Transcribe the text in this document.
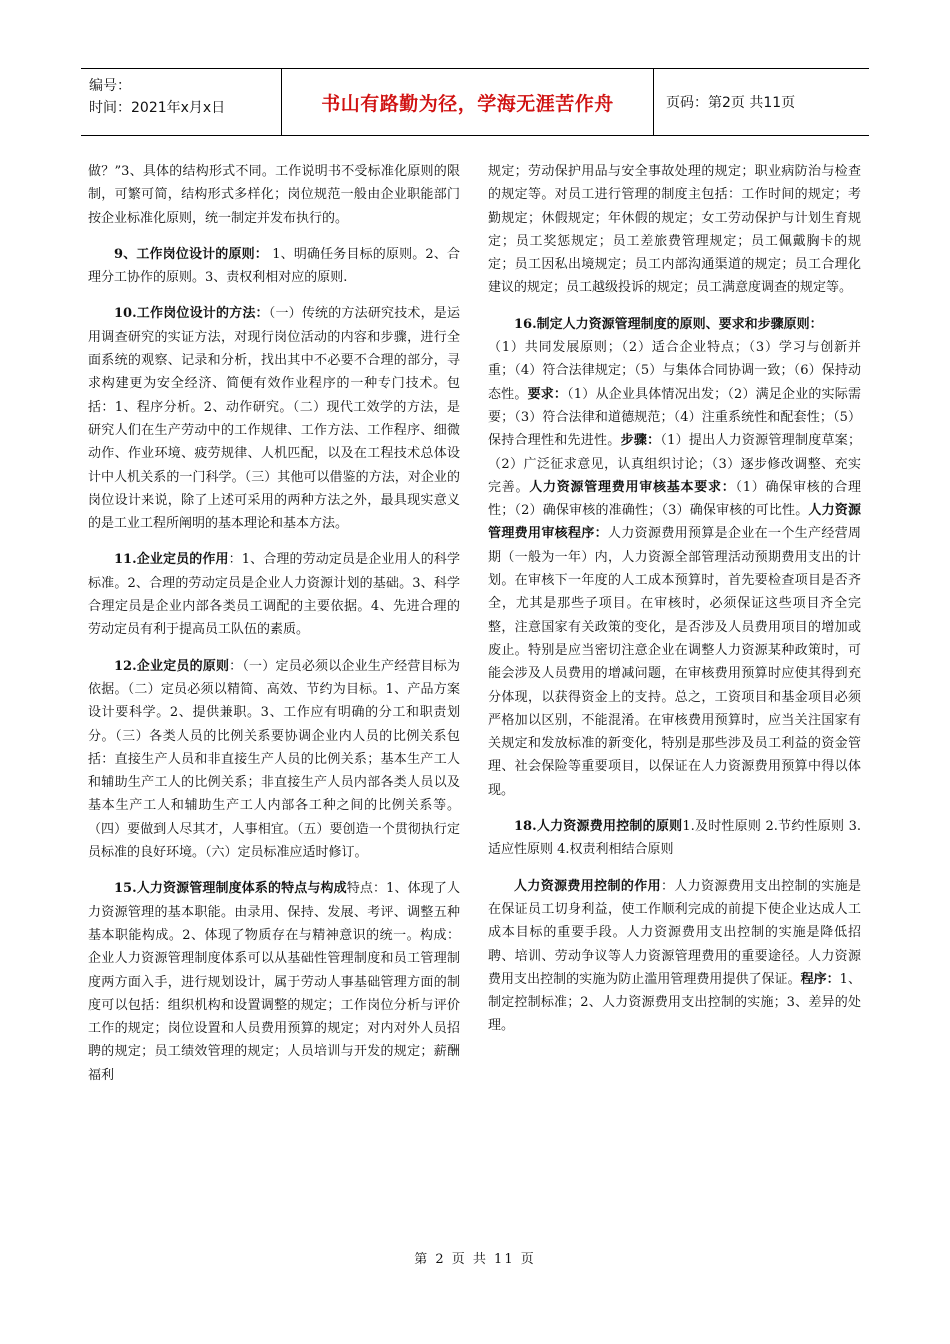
编号：
时间：2021年x月x日	书山有路勤为径，学海无涯苦作舟	页码：第2页 共11页

做？”3、具体的结构形式不同。工作说明书不受标准化原则的限制，可繁可简，结构形式多样化；岗位规范一般由企业职能部门按企业标准化原则，统一制定并发布执行的。

9、工作岗位设计的原则： 1、明确任务目标的原则。2、合理分工协作的原则。3、责权利相对应的原则.

10.工作岗位设计的方法：（一）传统的方法研究技术，是运用调查研究的实证方法，对现行岗位活动的内容和步骤，进行全面系统的观察、记录和分析，找出其中不必要不合理的部分，寻求构建更为安全经济、简便有效作业程序的一种专门技术。包括：1、程序分析。2、动作研究。（二）现代工效学的方法，是研究人们在生产劳动中的工作规律、工作方法、工作程序、细微动作、作业环境、疲劳规律、人机匹配，以及在工程技术总体设计中人机关系的一门科学。（三）其他可以借鉴的方法，对企业的岗位设计来说，除了上述可采用的两种方法之外，最具现实意义的是工业工程所阐明的基本理论和基本方法。

11.企业定员的作用：1、合理的劳动定员是企业用人的科学标准。2、合理的劳动定员是企业人力资源计划的基础。3、科学合理定员是企业内部各类员工调配的主要依据。4、先进合理的劳动定员有利于提高员工队伍的素质。

12.企业定员的原则：（一）定员必须以企业生产经营目标为依据。（二）定员必须以精简、高效、节约为目标。1、产品方案设计要科学。2、提供兼职。3、工作应有明确的分工和职责划分。（三）各类人员的比例关系要协调企业内人员的比例关系包括：直接生产人员和非直接生产人员的比例关系；基本生产工人和辅助生产工人的比例关系；非直接生产人员内部各类人员以及基本生产工人和辅助生产工人内部各工种之间的比例关系等。（四）要做到人尽其才，人事相宜。（五）要创造一个贯彻执行定员标准的良好环境。（六）定员标准应适时修订。

15.人力资源管理制度体系的特点与构成特点：1、体现了人力资源管理的基本职能。由录用、保持、发展、考评、调整五种基本职能构成。2、体现了物质存在与精神意识的统一。构成：企业人力资源管理制度体系可以从基础性管理制度和员工管理制度两方面入手，进行规划设计，属于劳动人事基础管理方面的制度可以包括：组织机构和设置调整的规定；工作岗位分析与评价工作的规定；岗位设置和人员费用预算的规定；对内对外人员招聘的规定；员工绩效管理的规定；人员培训与开发的规定；薪酬福利

规定；劳动保护用品与安全事故处理的规定；职业病防治与检查的规定等。对员工进行管理的制度主包括：工作时间的规定；考勤规定；休假规定；年休假的规定；女工劳动保护与计划生育规定；员工奖惩规定；员工差旅费管理规定；员工佩戴胸卡的规定；员工因私出境规定；员工内部沟通渠道的规定；员工合理化建议的规定；员工越级投诉的规定；员工满意度调查的规定等。

16.制定人力资源管理制度的原则、要求和步骤原则：
（1）共同发展原则；（2）适合企业特点；（3）学习与创新并重；（4）符合法律规定；（5）与集体合同协调一致；（6）保持动态性。要求：（1）从企业具体情况出发；（2）满足企业的实际需要；（3）符合法律和道德规范；（4）注重系统性和配套性；（5）保持合理性和先进性。步骤：（1）提出人力资源管理制度草案；（2）广泛征求意见，认真组织讨论；（3）逐步修改调整、充实完善。人力资源管理费用审核基本要求：（1）确保审核的合理性；（2）确保审核的准确性；（3）确保审核的可比性。人力资源管理费用审核程序：人力资源费用预算是企业在一个生产经营周期（一般为一年）内，人力资源全部管理活动预期费用支出的计划。在审核下一年度的人工成本预算时，首先要检查项目是否齐全，尤其是那些子项目。在审核时，必须保证这些项目齐全完整，注意国家有关政策的变化，是否涉及人员费用项目的增加或废止。特别是应当密切注意企业在调整人力资源某种政策时，可能会涉及人员费用的增减问题，在审核费用预算时应使其得到充分体现，以获得资金上的支持。总之，工资项目和基金项目必须严格加以区别，不能混淆。在审核费用预算时，应当关注国家有关规定和发放标准的新变化，特别是那些涉及员工利益的资金管理、社会保险等重要项目，以保证在人力资源费用预算中得以体现。

18.人力资源费用控制的原则1.及时性原则 2.节约性原则 3.适应性原则 4.权责利相结合原则

人力资源费用控制的作用：人力资源费用支出控制的实施是在保证员工切身利益，使工作顺利完成的前提下使企业达成人工成本目标的重要手段。人力资源费用支出控制的实施是降低招聘、培训、劳动争议等人力资源管理费用的重要途径。人力资源费用支出控制的实施为防止滥用管理费用提供了保证。程序：1、制定控制标准；2、人力资源费用支出控制的实施；3、差异的处理。

第 2 页 共 11 页
